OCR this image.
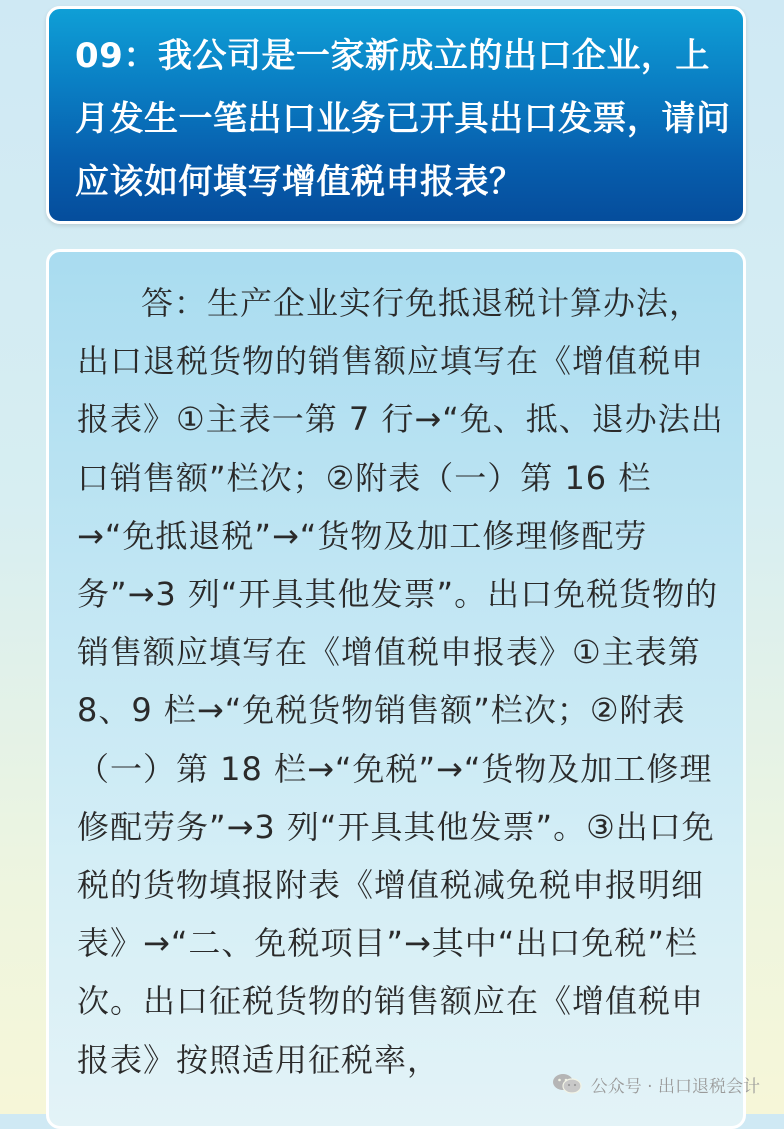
09：我公司是一家新成立的出口企业，上月发生一笔出口业务已开具出口发票，请问应该如何填写增值税申报表？

答：生产企业实行免抵退税计算办法，出口退税货物的销售额应填写在《增值税申报表》①主表一第 7 行→“免、抵、退办法出口销售额”栏次；②附表（一）第 16 栏→“免抵退税”→“货物及加工修理修配劳务”→3 列“开具其他发票”。出口免税货物的销售额应填写在《增值税申报表》①主表第 8、9 栏→“免税货物销售额”栏次；②附表（一）第 18 栏→“免税”→“货物及加工修理修配劳务”→3 列“开具其他发票”。③出口免税的货物填报附表《增值税减免税申报明细表》→“二、免税项目”→其中“出口免税”栏次。出口征税货物的销售额应在《增值税申报表》按照适用征税率，

公众号 · 出口退税会计
